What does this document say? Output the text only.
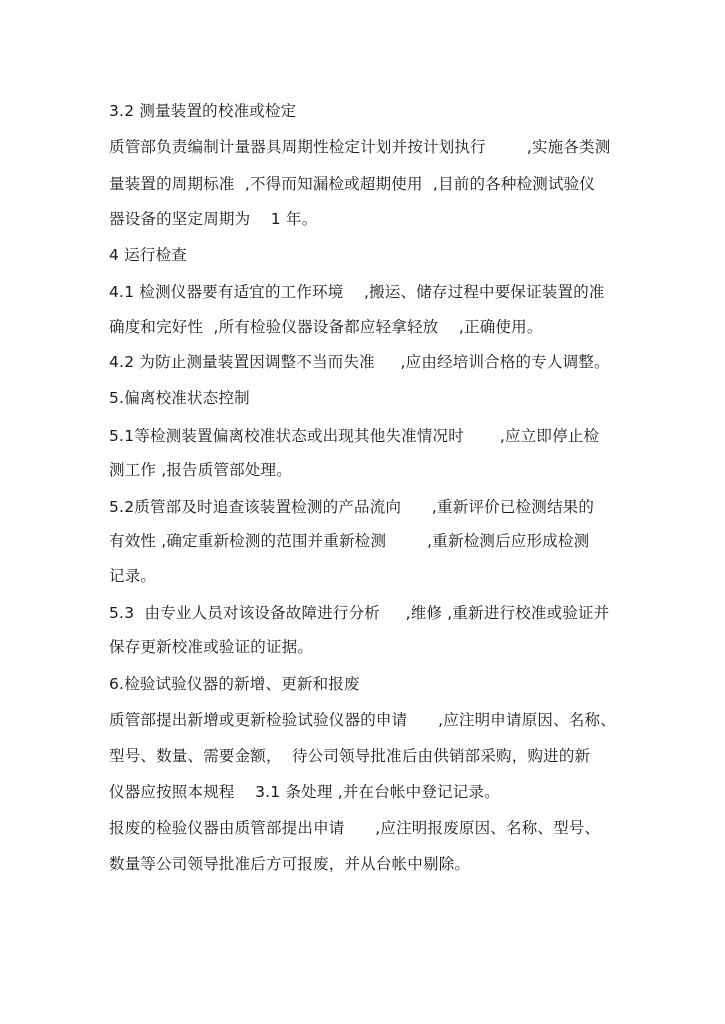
3.2 测量装置的校准或检定
质管部负责编制计量器具周期性检定计划并按计划执行        ,实施各类测
量装置的周期标准  ,不得而知漏检或超期使用  ,目前的各种检测试验仪
器设备的坚定周期为    1 年。
4 运行检查
4.1 检测仪器要有适宜的工作环境    ,搬运、储存过程中要保证装置的准
确度和完好性  ,所有检验仪器设备都应轻拿轻放    ,正确使用。
4.2 为防止测量装置因调整不当而失准     ,应由经培训合格的专人调整。
5.偏离校准状态控制
5.1等检测装置偏离校准状态或出现其他失准情况时       ,应立即停止检
测工作 ,报告质管部处理。
5.2质管部及时追查该装置检测的产品流向      ,重新评价已检测结果的
有效性 ,确定重新检测的范围并重新检测        ,重新检测后应形成检测
记录。
5.3  由专业人员对该设备故障进行分析     ,维修 ,重新进行校准或验证并
保存更新校准或验证的证据。
6.检验试验仪器的新增、更新和报废
质管部提出新增或更新检验试验仪器的申请      ,应注明申请原因、名称、
型号、数量、需要金额，  待公司领导批准后由供销部采购，购进的新
仪器应按照本规程    3.1 条处理 ,并在台帐中登记记录。
报废的检验仪器由质管部提出申请      ,应注明报废原因、名称、型号、
数量等公司领导批准后方可报废，并从台帐中剔除。
